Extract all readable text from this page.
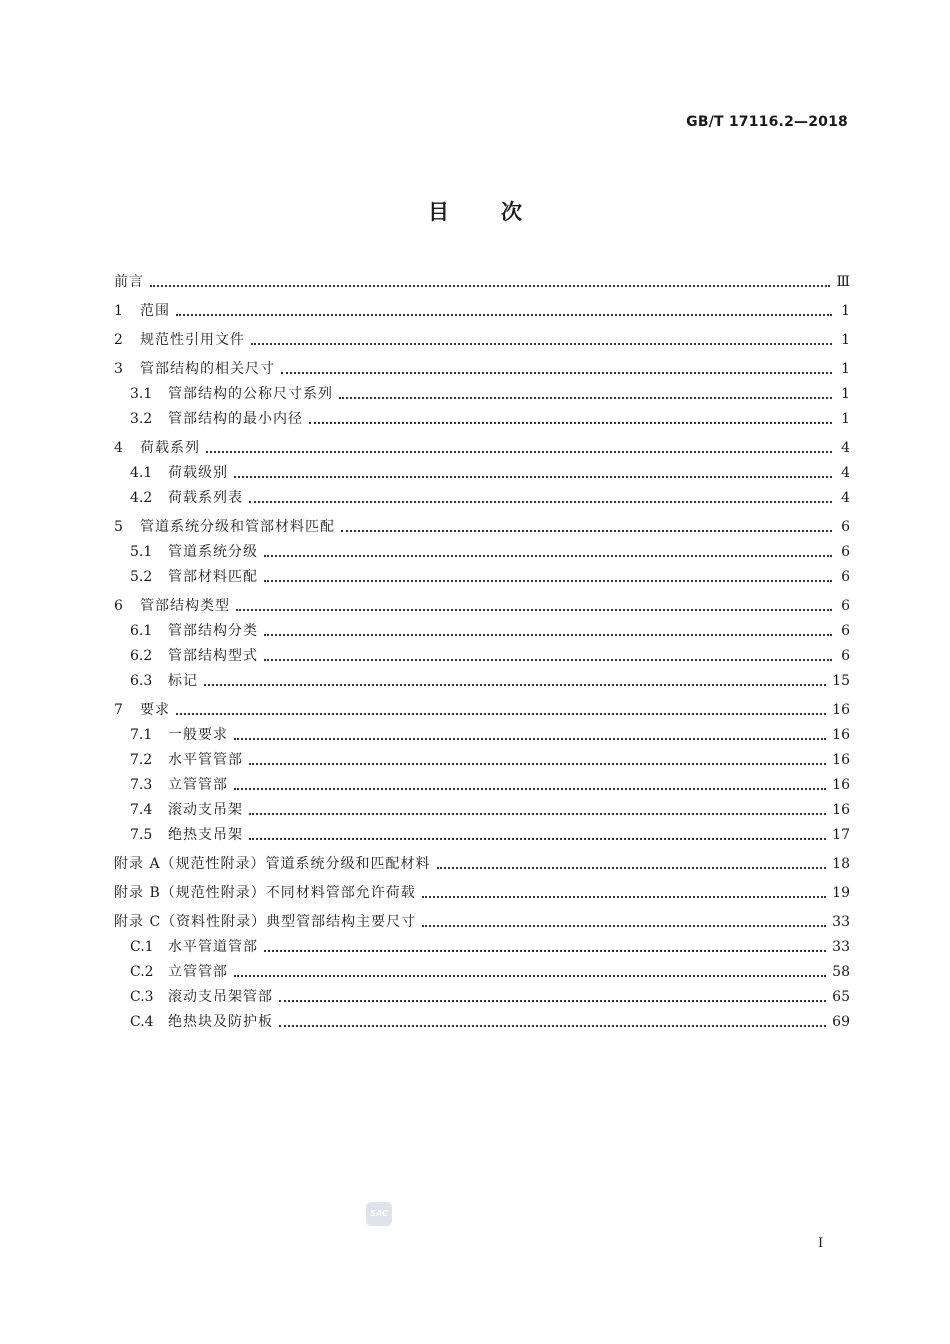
GB/T 17116.2—2018
目 次
前言	Ⅲ
1	范围	1
2	规范性引用文件	1
3	管部结构的相关尺寸	1
3.1	管部结构的公称尺寸系列	1
3.2	管部结构的最小内径	1
4	荷载系列	4
4.1	荷载级别	4
4.2	荷载系列表	4
5	管道系统分级和管部材料匹配	6
5.1	管道系统分级	6
5.2	管部材料匹配	6
6	管部结构类型	6
6.1	管部结构分类	6
6.2	管部结构型式	6
6.3	标记	15
7	要求	16
7.1	一般要求	16
7.2	水平管管部	16
7.3	立管管部	16
7.4	滚动支吊架	16
7.5	绝热支吊架	17
附录 A（规范性附录）管道系统分级和匹配材料	18
附录 B（规范性附录）不同材料管部允许荷载	19
附录 C（资料性附录）典型管部结构主要尺寸	33
C.1	水平管道管部	33
C.2	立管管部	58
C.3	滚动支吊架管部	65
C.4	绝热块及防护板	69
SAC
I
